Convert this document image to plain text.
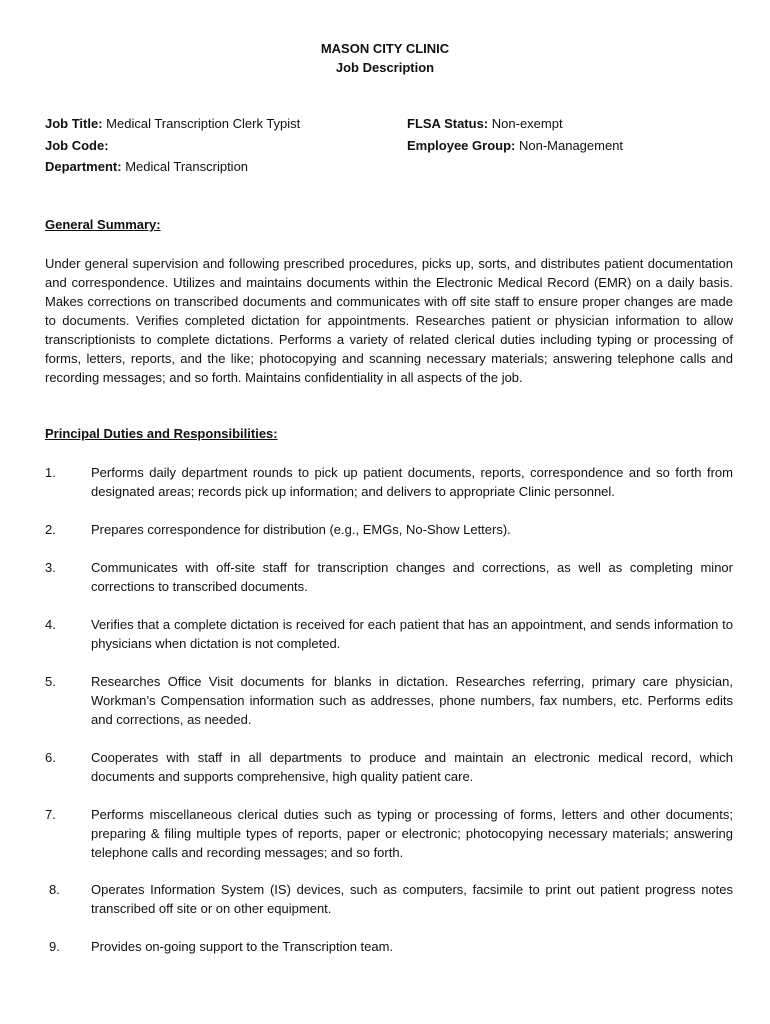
MASON CITY CLINIC
Job Description
Job Title: Medical Transcription Clerk Typist
Job Code:
Department: Medical Transcription
FLSA Status: Non-exempt
Employee Group: Non-Management
General Summary:

Under general supervision and following prescribed procedures, picks up, sorts, and distributes patient documentation and correspondence. Utilizes and maintains documents within the Electronic Medical Record (EMR) on a daily basis. Makes corrections on transcribed documents and communicates with off site staff to ensure proper changes are made to documents. Verifies completed dictation for appointments. Researches patient or physician information to allow transcriptionists to complete dictations. Performs a variety of related clerical duties including typing or processing of forms, letters, reports, and the like; photocopying and scanning necessary materials; answering telephone calls and recording messages; and so forth. Maintains confidentiality in all aspects of the job.

Principal Duties and Responsibilities:
1.	Performs daily department rounds to pick up patient documents, reports, correspondence and so forth from designated areas; records pick up information; and delivers to appropriate Clinic personnel.
2.	Prepares correspondence for distribution (e.g., EMGs, No-Show Letters).
3.	Communicates with off-site staff for transcription changes and corrections, as well as completing minor corrections to transcribed documents.
4.	Verifies that a complete dictation is received for each patient that has an appointment, and sends information to physicians when dictation is not completed.
5.	Researches Office Visit documents for blanks in dictation. Researches referring, primary care physician, Workman’s Compensation information such as addresses, phone numbers, fax numbers, etc. Performs edits and corrections, as needed.
6.	Cooperates with staff in all departments to produce and maintain an electronic medical record, which documents and supports comprehensive, high quality patient care.
7.	Performs miscellaneous clerical duties such as typing or processing of forms, letters and other documents; preparing & filing multiple types of reports, paper or electronic; photocopying necessary materials; answering telephone calls and recording messages; and so forth.
8.	Operates Information System (IS) devices, such as computers, facsimile to print out patient progress notes transcribed off site or on other equipment.
9.	Provides on-going support to the Transcription team.
